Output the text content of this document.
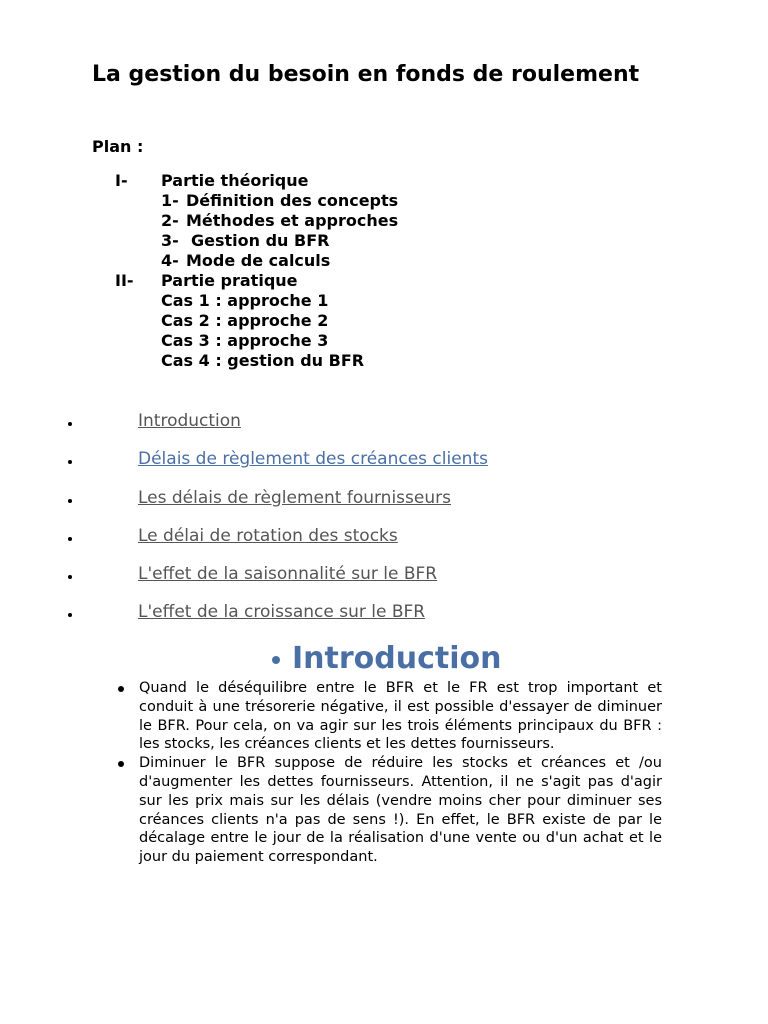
La gestion du besoin en fonds de roulement
Plan :
I- Partie théorique
1- Définition des concepts
2- Méthodes et approches
3- Gestion du BFR
4- Mode de calculs
II- Partie pratique
Cas 1 : approche 1
Cas 2 : approche 2
Cas 3 : approche 3
Cas 4 : gestion du BFR
Introduction
Délais de règlement des créances clients
Les délais de règlement fournisseurs
Le délai de rotation des stocks
L'effet de la saisonnalité sur le BFR
L'effet de la croissance sur le BFR
Introduction

Quand le déséquilibre entre le BFR et le FR est trop important et conduit à une trésorerie négative, il est possible d'essayer de diminuer le BFR. Pour cela, on va agir sur les trois éléments principaux du BFR : les stocks, les créances clients et les dettes fournisseurs.

Diminuer le BFR suppose de réduire les stocks et créances et /ou d'augmenter les dettes fournisseurs. Attention, il ne s'agit pas d'agir sur les prix mais sur les délais (vendre moins cher pour diminuer ses créances clients n'a pas de sens !). En effet, le BFR existe de par le décalage entre le jour de la réalisation d'une vente ou d'un achat et le jour du paiement correspondant.
